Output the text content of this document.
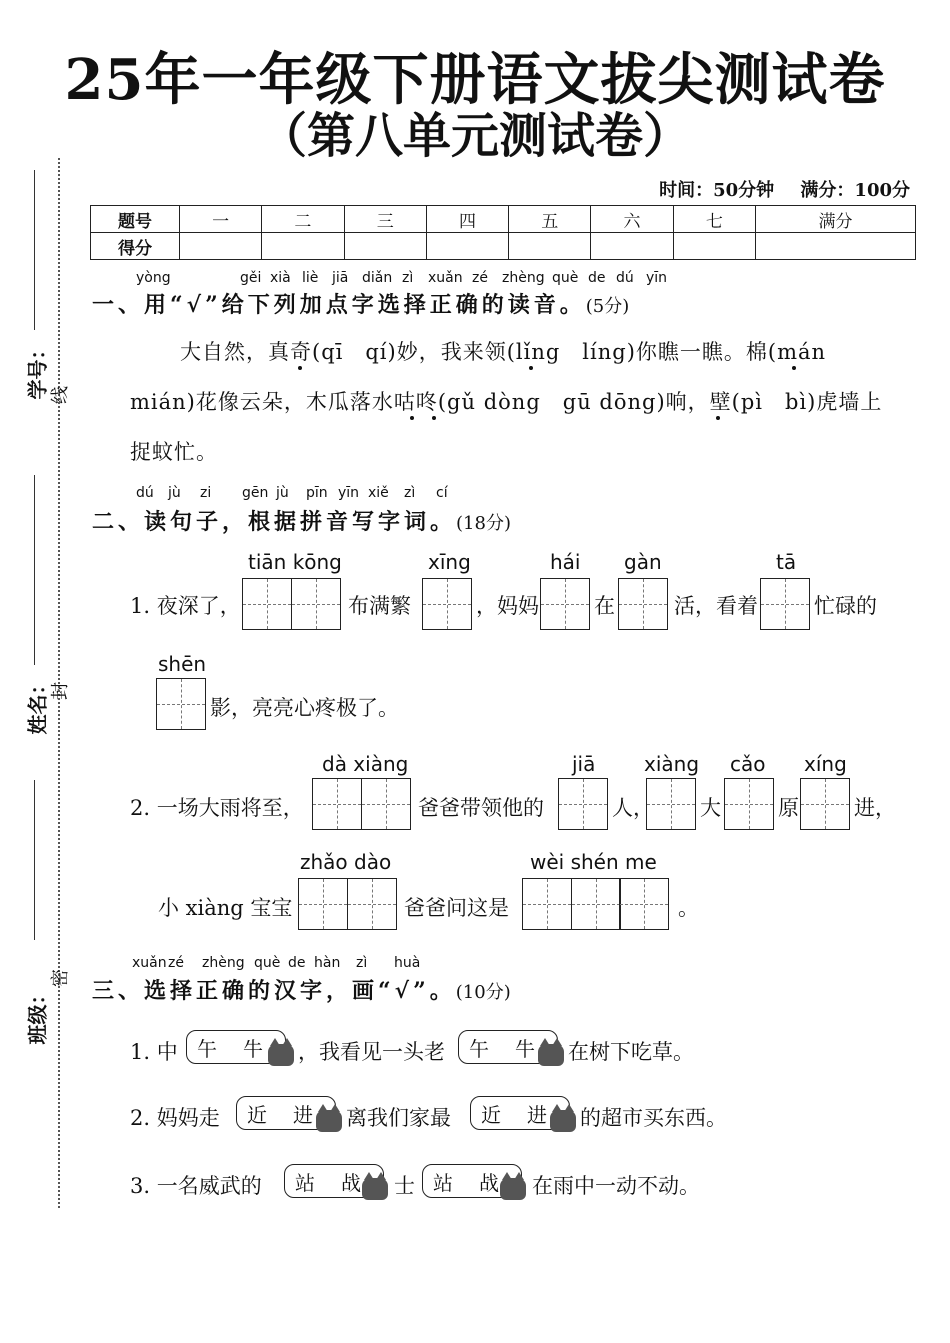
25年一年级下册语文拔尖测试卷
（第八单元测试卷）
时间：50分钟 满分：100分
题号	一	二	三	四	五	六	七	满分
得分								
学号： 线
姓名： 封
班级：
密
yòng	gěi xià liè jiā diǎn zì xuǎn zé zhèng què de dú yīn
一、用“√”给下列加点字选择正确的读音。(5分)
大自然，真奇(qī　qí)妙，我来领(lǐng　líng)你瞧一瞧。棉(mán
mián)花像云朵，木瓜落水咕咚(gǔ dòng　gū dōng)响，壁(pì　bì)虎墙上
捉蚊忙。
dú jù zi gēn jù pīn yīn xiě zì cí
二、读句子，根据拼音写字词。(18分)
tiān kōng	xīng	hái gàn	tā
1. 夜深了，	布满繁	，妈妈	在	活，看着	忙碌的
shēn
影，亮亮心疼极了。
dà xiàng	jiā xiàng cǎo xíng
2. 一场大雨将至，	爸爸带领他的	人， 大	原	进，
zhǎo dào	wèi shén me
小 xiàng 宝宝	爸爸问这是	。
xuǎn zé zhèng què de hàn zì huà
三、选择正确的汉字，画“√”。(10分)
1. 中 午 牛 ，我看见一头老 午 牛 在树下吃草。
2. 妈妈走 近 进 离我们家最 近 进 的超市买东西。
3. 一名威武的 站 战 士 站 战 在雨中一动不动。
